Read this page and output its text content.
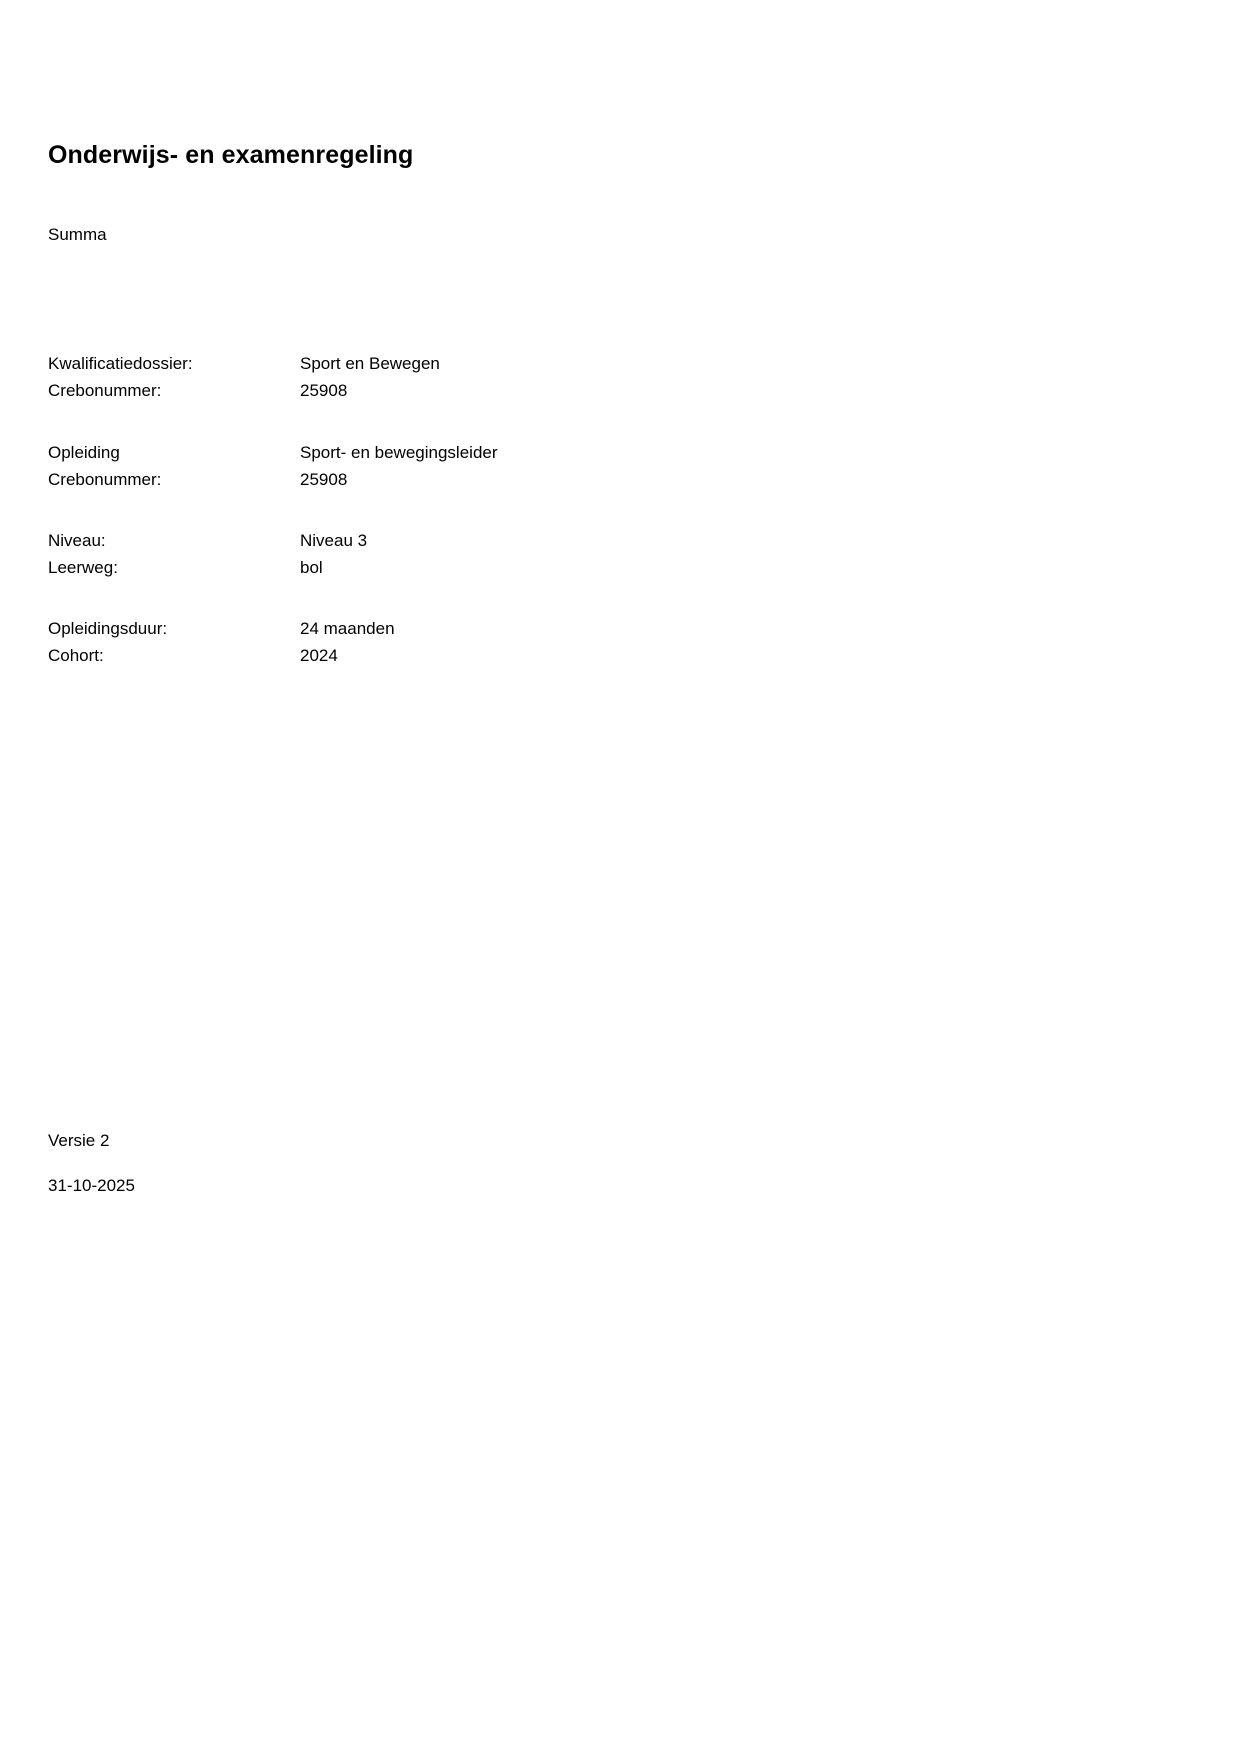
Onderwijs- en examenregeling
Summa
Kwalificatiedossier:	Sport en Bewegen
Crebonummer:	25908
Opleiding	Sport- en bewegingsleider
Crebonummer:	25908
Niveau:	Niveau 3
Leerweg:	bol
Opleidingsduur:	24 maanden
Cohort:	2024
Versie 2
31-10-2025
